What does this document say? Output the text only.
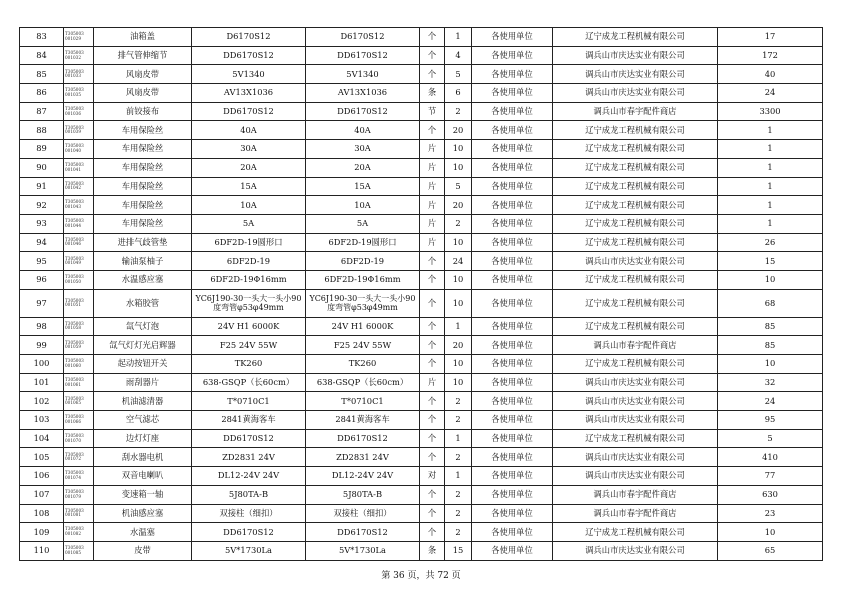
83	T305003 001029	油箱盖	D6170S12	D6170S12	个	1	各使用单位	辽宁成龙工程机械有限公司	17
84	T305003 001032	排气管伸缩节	DD6170S12	DD6170S12	个	4	各使用单位	调兵山市庆达实业有限公司	172
85	T305003 001033	风扇皮带	5V1340	5V1340	个	5	各使用单位	调兵山市庆达实业有限公司	40
86	T305003 001035	风扇皮带	AV13X1036	AV13X1036	条	6	各使用单位	调兵山市庆达实业有限公司	24
87	T305003 001036	前铰接布	DD6170S12	DD6170S12	节	2	各使用单位	调兵山市春宇配件商店	3300
88	T305003 001039	车用保险丝	40A	40A	个	20	各使用单位	辽宁成龙工程机械有限公司	1
89	T305003 001040	车用保险丝	30A	30A	片	10	各使用单位	辽宁成龙工程机械有限公司	1
90	T305003 001041	车用保险丝	20A	20A	片	10	各使用单位	辽宁成龙工程机械有限公司	1
91	T305003 001042	车用保险丝	15A	15A	片	5	各使用单位	辽宁成龙工程机械有限公司	1
92	T305003 001043	车用保险丝	10A	10A	片	20	各使用单位	辽宁成龙工程机械有限公司	1
93	T305003 001044	车用保险丝	5A	5A	片	2	各使用单位	辽宁成龙工程机械有限公司	1
94	T305003 001046	进排气歧管垫	6DF2D-19圆形口	6DF2D-19圆形口	片	10	各使用单位	辽宁成龙工程机械有限公司	26
95	T305003 001049	输油泵柚子	6DF2D-19	6DF2D-19	个	24	各使用单位	调兵山市庆达实业有限公司	15
96	T305003 001050	水温感应塞	6DF2D-19Φ16mm	6DF2D-19Φ16mm	个	10	各使用单位	辽宁成龙工程机械有限公司	10
97	T305003 001051	水箱胶管	YC6J190-30一头大一头小90度弯管φ53φ49mm	YC6J190-30一头大一头小90度弯管φ53φ49mm	个	10	各使用单位	辽宁成龙工程机械有限公司	68
98	T305003 001058	氙气灯泡	24V H1 6000K	24V H1 6000K	个	1	各使用单位	辽宁成龙工程机械有限公司	85
99	T305003 001059	氙气灯灯光启辉器	F25 24V 55W	F25 24V 55W	个	20	各使用单位	调兵山市春宇配件商店	85
100	T305003 001060	起动按钮开关	TK260	TK260	个	10	各使用单位	辽宁成龙工程机械有限公司	10
101	T305003 001061	雨刮器片	638-GSQP（长60cm）	638-GSQP（长60cm）	片	10	各使用单位	调兵山市庆达实业有限公司	32
102	T305003 001065	机油滤清器	T*0710C1	T*0710C1	个	2	各使用单位	调兵山市庆达实业有限公司	24
103	T305003 001066	空气滤芯	2841黄海客车	2841黄海客车	个	2	各使用单位	调兵山市庆达实业有限公司	95
104	T305003 001070	边灯灯座	DD6170S12	DD6170S12	个	1	各使用单位	辽宁成龙工程机械有限公司	5
105	T305003 001072	刮水器电机	ZD2831 24V	ZD2831 24V	个	2	各使用单位	调兵山市庆达实业有限公司	410
106	T305003 001074	双音电喇叭	DL12-24V 24V	DL12-24V 24V	对	1	各使用单位	调兵山市庆达实业有限公司	77
107	T305003 001079	变速箱一轴	5J80TA-B	5J80TA-B	个	2	各使用单位	调兵山市春宇配件商店	630
108	T305003 001081	机油感应塞	双接柱（细扣）	双接柱（细扣）	个	2	各使用单位	调兵山市春宇配件商店	23
109	T305003 001082	水温塞	DD6170S12	DD6170S12	个	2	各使用单位	辽宁成龙工程机械有限公司	10
110	T305003 001085	皮带	5V*1730La	5V*1730La	条	15	各使用单位	调兵山市庆达实业有限公司	65
第 36 页，共 72 页
